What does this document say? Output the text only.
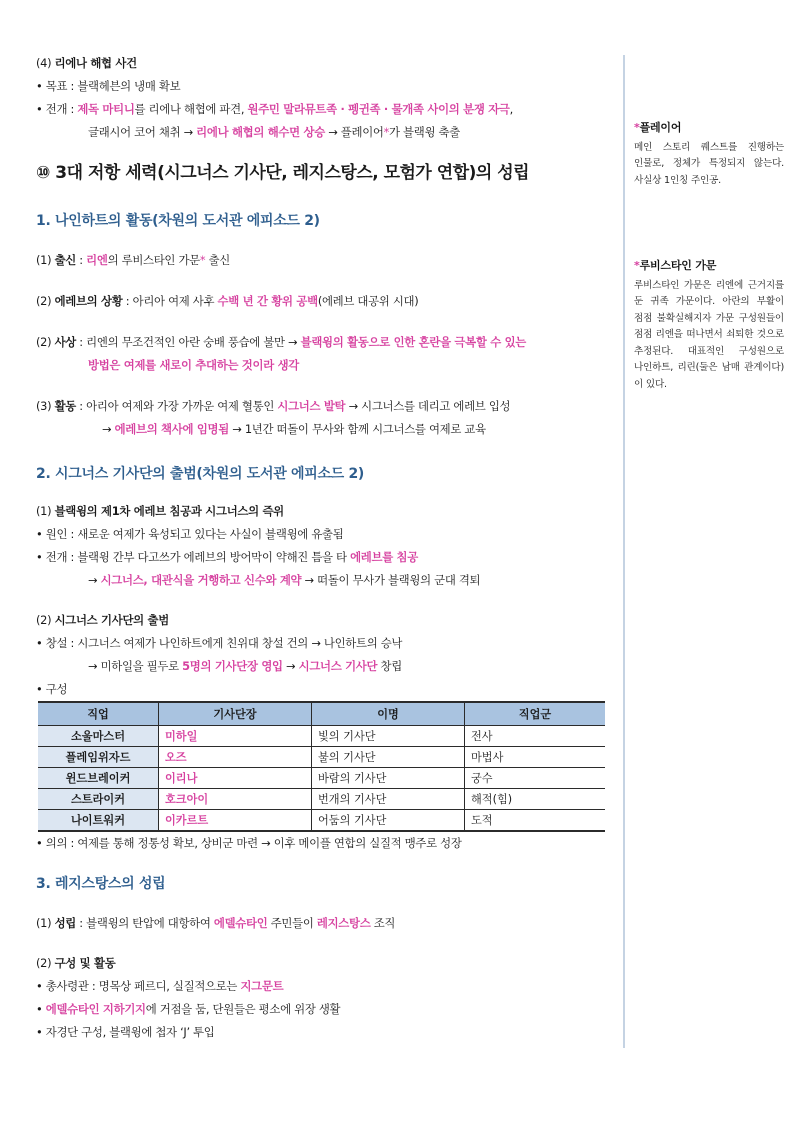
(4) 리에나 해협 사건
• 목표 : 블랙헤븐의 냉매 확보
• 전개 : 제독 마티니를 리에나 해협에 파견, 원주민 말라뮤트족 · 펭귄족 · 물개족 사이의 분쟁 자극,
글래시어 코어 채취 → 리에나 해협의 해수면 상승 → 플레이어*가 블랙윙 축출
⑩ 3대 저항 세력(시그너스 기사단, 레지스탕스, 모험가 연합)의 성립
1. 나인하트의 활동(차원의 도서관 에피소드 2)
(1) 출신 : 리엔의 루비스타인 가문* 출신
(2) 에레브의 상황 : 아리아 여제 사후 수백 년 간 황위 공백(에레브 대공위 시대)
(2) 사상 : 리엔의 무조건적인 아란 숭배 풍습에 불만 → 블랙윙의 활동으로 인한 혼란을 극복할 수 있는
방법은 여제를 새로이 추대하는 것이라 생각
(3) 활동 : 아리아 여제와 가장 가까운 여제 혈통인 시그너스 발탁 → 시그너스를 데리고 에레브 입성
→ 에레브의 책사에 임명됨 → 1년간 떠돌이 무사와 함께 시그너스를 여제로 교육
2. 시그너스 기사단의 출범(차원의 도서관 에피소드 2)
(1) 블랙윙의 제1차 에레브 침공과 시그너스의 즉위
• 원인 : 새로운 여제가 육성되고 있다는 사실이 블랙윙에 유출됨
• 전개 : 블랙윙 간부 다고쓰가 에레브의 방어막이 약해진 틈을 타 에레브를 침공
→ 시그너스, 대관식을 거행하고 신수와 계약 → 떠돌이 무사가 블랙윙의 군대 격퇴
(2) 시그너스 기사단의 출범
• 창설 : 시그너스 여제가 나인하트에게 친위대 창설 건의 → 나인하트의 승낙
→ 미하일을 필두로 5명의 기사단장 영입 → 시그너스 기사단 창립
• 구성
직업	기사단장	이명	직업군
소울마스터	미하일	빛의 기사단	전사
플레임위자드	오즈	불의 기사단	마법사
윈드브레이커	이리나	바람의 기사단	궁수
스트라이커	호크아이	번개의 기사단	해적(힘)
나이트워커	이카르트	어둠의 기사단	도적
• 의의 : 여제를 통해 정통성 확보, 상비군 마련 → 이후 메이플 연합의 실질적 맹주로 성장
3. 레지스탕스의 성립
(1) 성립 : 블랙윙의 탄압에 대항하여 에델슈타인 주민들이 레지스탕스 조직
(2) 구성 및 활동
• 총사령관 : 명목상 페르디, 실질적으로는 지그문트
• 에델슈타인 지하기지에 거점을 둠, 단원들은 평소에 위장 생활
• 자경단 구성, 블랙윙에 첩자 ‘J’ 투입
*플레이어
메인 스토리 퀘스트를 진행하는 인물로, 정체가 특정되지 않는다. 사실상 1인칭 주인공.
*루비스타인 가문
루비스타인 가문은 리엔에 근거지를 둔 귀족 가문이다. 아란의 부활이 점점 불확실해지자 가문 구성원들이 점점 리엔을 떠나면서 쇠퇴한 것으로 추정된다. 대표적인 구성원으로 나인하트, 리린(둘은 남매 관계이다)이 있다.
